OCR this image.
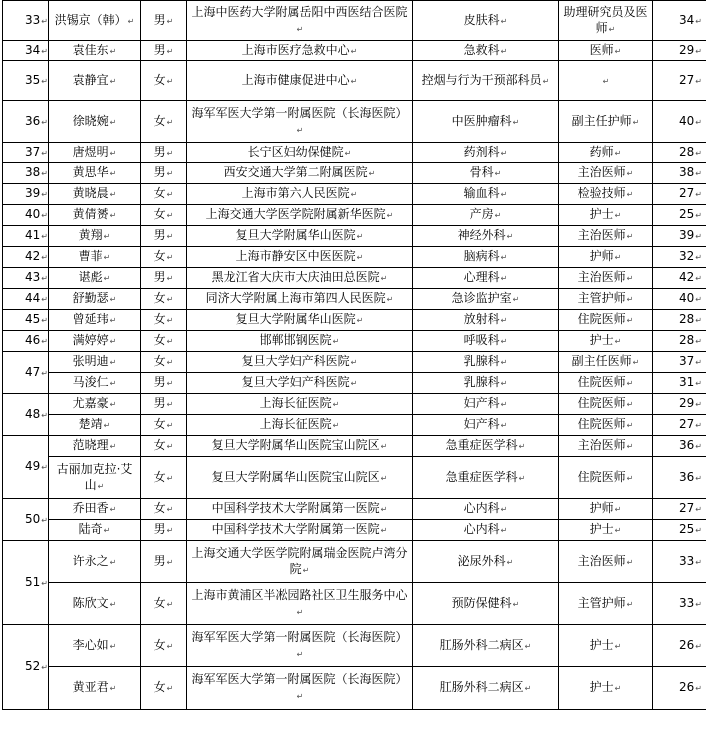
33↵	洪锡京（韩）↵	男↵	上海中医药大学附属岳阳中西医结合医院↵	皮肤科↵	助理研究员及医师↵	34↵
34↵	袁佳东↵	男↵	上海市医疗急救中心↵	急救科↵	医师↵	29↵
35↵	袁静宜↵	女↵	上海市健康促进中心↵	控烟与行为干预部科员↵	↵	27↵
36↵	徐晓婉↵	女↵	海军军医大学第一附属医院（长海医院）↵	中医肿瘤科↵	副主任护师↵	40↵
37↵	唐煜明↵	男↵	长宁区妇幼保健院↵	药剂科↵	药师↵	28↵
38↵	黄思华↵	男↵	西安交通大学第二附属医院↵	骨科↵	主治医师↵	38↵
39↵	黄晓晨↵	女↵	上海市第六人民医院↵	输血科↵	检验技师↵	27↵
40↵	黄倩赟↵	女↵	上海交通大学医学院附属新华医院↵	产房↵	护士↵	25↵
41↵	黄翔↵	男↵	复旦大学附属华山医院↵	神经外科↵	主治医师↵	39↵
42↵	曹菲↵	女↵	上海市静安区中医医院↵	脑病科↵	护师↵	32↵
43↵	谌彪↵	男↵	黑龙江省大庆市大庆油田总医院↵	心理科↵	主治医师↵	42↵
44↵	舒勤瑟↵	女↵	同济大学附属上海市第四人民医院↵	急诊监护室↵	主管护师↵	40↵
45↵	曾延玮↵	女↵	复旦大学附属华山医院↵	放射科↵	住院医师↵	28↵
46↵	满婷婷↵	女↵	邯郸邯钢医院↵	呼吸科↵	护士↵	28↵
47↵	张明迪↵	女↵	复旦大学妇产科医院↵	乳腺科↵	副主任医师↵	37↵
	马浚仁↵	男↵	复旦大学妇产科医院↵	乳腺科↵	住院医师↵	31↵
48↵	尤嘉豪↵	男↵	上海长征医院↵	妇产科↵	住院医师↵	29↵
	楚靖↵	女↵	上海长征医院↵	妇产科↵	住院医师↵	27↵
49↵	范晓理↵	女↵	复旦大学附属华山医院宝山院区↵	急重症医学科↵	主治医师↵	36↵
	古丽加克拉·艾山↵	女↵	复旦大学附属华山医院宝山院区↵	急重症医学科↵	住院医师↵	36↵
50↵	乔田香↵	女↵	中国科学技术大学附属第一医院↵	心内科↵	护师↵	27↵
	陆奇↵	男↵	中国科学技术大学附属第一医院↵	心内科↵	护士↵	25↵
51↵	许永之↵	男↵	上海交通大学医学院附属瑞金医院卢湾分院↵	泌尿外科↵	主治医师↵	33↵
	陈欣文↵	女↵	上海市黄浦区半凇园路社区卫生服务中心↵	预防保健科↵	主管护师↵	33↵
52↵	李心如↵	女↵	海军军医大学第一附属医院（长海医院）↵	肛肠外科二病区↵	护士↵	26↵
	黄亚君↵	女↵	海军军医大学第一附属医院（长海医院）↵	肛肠外科二病区↵	护士↵	26↵
